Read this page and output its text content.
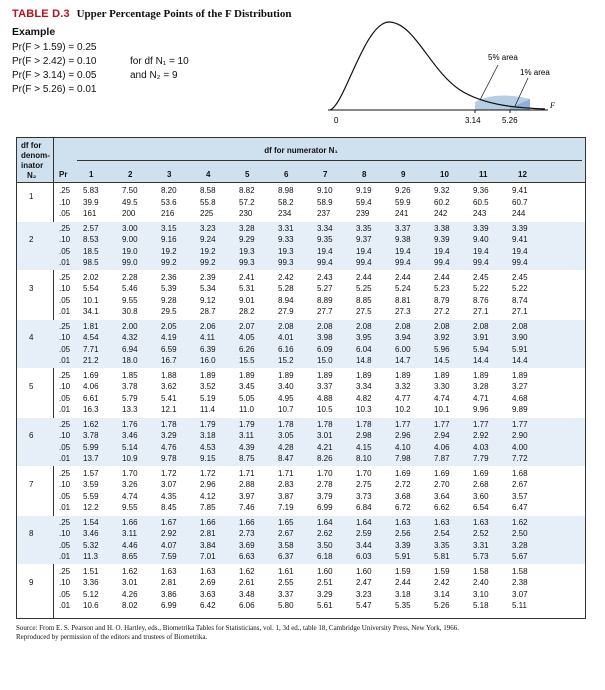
TABLE D.3 Upper Percentage Points of the F Distribution
Example
Pr(F > 1.59) = 0.25
Pr(F > 2.42) = 0.10
Pr(F > 3.14) = 0.05
Pr(F > 5.26) = 0.01
for df N₁ = 10
and N₂ = 9
5% area
1% area
0
F
3.14	5.26
df for
denom-
inator
N₂
df for numerator N₁
Pr	1	2	3	4	5	6	7	8	9	10	11	12
1
.25 5.83	7.50	8.20	8.58	8.82	8.98	9.10	9.19	9.26	9.32	9.36	9.41
.10 39.9	49.5	53.6	55.8	57.2	58.2	58.9	59.4	59.9	60.2	60.5	60.7
.05 161	200	216	225	230	234	237	239	241	242	243	244
2
.25 2.57	3.00	3.15	3.23	3.28	3.31	3.34	3.35	3.37	3.38	3.39	3.39
.10 8.53	9.00	9.16	9.24	9.29	9.33	9.35	9.37	9.38	9.39	9.40	9.41
.05 18.5	19.0	19.2	19.2	19.3	19.3	19.4	19.4	19.4	19.4	19.4	19.4
.01 98.5	99.0	99.2	99.2	99.3	99.3	99.4	99.4	99.4	99.4	99.4	99.4
3
.25 2.02	2.28	2.36	2.39	2.41	2.42	2.43	2.44	2.44	2.44	2.45	2.45
.10 5.54	5.46	5.39	5.34	5.31	5.28	5.27	5.25	5.24	5.23	5.22	5.22
.05 10.1	9.55	9.28	9.12	9.01	8.94	8.89	8.85	8.81	8.79	8.76	8.74
.01 34.1	30.8	29.5	28.7	28.2	27.9	27.7	27.5	27.3	27.2	27.1	27.1
4
.25 1.81	2.00	2.05	2.06	2.07	2.08	2.08	2.08	2.08	2.08	2.08	2.08
.10 4.54	4.32	4.19	4.11	4.05	4.01	3.98	3.95	3.94	3.92	3.91	3.90
.05 7.71	6.94	6.59	6.39	6.26	6.16	6.09	6.04	6.00	5.96	5.94	5.91
.01 21.2	18.0	16.7	16.0	15.5	15.2	15.0	14.8	14.7	14.5	14.4	14.4
5
.25 1.69	1.85	1.88	1.89	1.89	1.89	1.89	1.89	1.89	1.89	1.89	1.89
.10 4.06	3.78	3.62	3.52	3.45	3.40	3.37	3.34	3.32	3.30	3.28	3.27
.05 6.61	5.79	5.41	5.19	5.05	4.95	4.88	4.82	4.77	4.74	4.71	4.68
.01 16.3	13.3	12.1	11.4	11.0	10.7	10.5	10.3	10.2	10.1	9.96	9.89
6
.25 1.62	1.76	1.78	1.79	1.79	1.78	1.78	1.78	1.77	1.77	1.77	1.77
.10 3.78	3.46	3.29	3.18	3.11	3.05	3.01	2.98	2.96	2.94	2.92	2.90
.05 5.99	5.14	4.76	4.53	4.39	4.28	4.21	4.15	4.10	4.06	4.03	4.00
.01 13.7	10.9	9.78	9.15	8.75	8.47	8.26	8.10	7.98	7.87	7.79	7.72
7
.25 1.57	1.70	1.72	1.72	1.71	1.71	1.70	1.70	1.69	1.69	1.69	1.68
.10 3.59	3.26	3.07	2.96	2.88	2.83	2.78	2.75	2.72	2.70	2.68	2.67
.05 5.59	4.74	4.35	4.12	3.97	3.87	3.79	3.73	3.68	3.64	3.60	3.57
.01 12.2	9.55	8.45	7.85	7.46	7.19	6.99	6.84	6.72	6.62	6.54	6.47
8
.25 1.54	1.66	1.67	1.66	1.66	1.65	1.64	1.64	1.63	1.63	1.63	1.62
.10 3.46	3.11	2.92	2.81	2.73	2.67	2.62	2.59	2.56	2.54	2.52	2.50
.05 5.32	4.46	4.07	3.84	3.69	3.58	3.50	3.44	3.39	3.35	3.31	3.28
.01 11.3	8.65	7.59	7.01	6.63	6.37	6.18	6.03	5.91	5.81	5.73	5.67
9
.25 1.51	1.62	1.63	1.63	1.62	1.61	1.60	1.60	1.59	1.59	1.58	1.58
.10 3.36	3.01	2.81	2.69	2.61	2.55	2.51	2.47	2.44	2.42	2.40	2.38
.05 5.12	4.26	3.86	3.63	3.48	3.37	3.29	3.23	3.18	3.14	3.10	3.07
.01 10.6	8.02	6.99	6.42	6.06	5.80	5.61	5.47	5.35	5.26	5.18	5.11
Source: From E. S. Pearson and H. O. Hartley, eds., Biometrika Tables for Statisticians, vol. 1, 3d ed., table 18, Cambridge University Press, New York, 1966.
Reproduced by permission of the editors and trustees of Biometrika.
